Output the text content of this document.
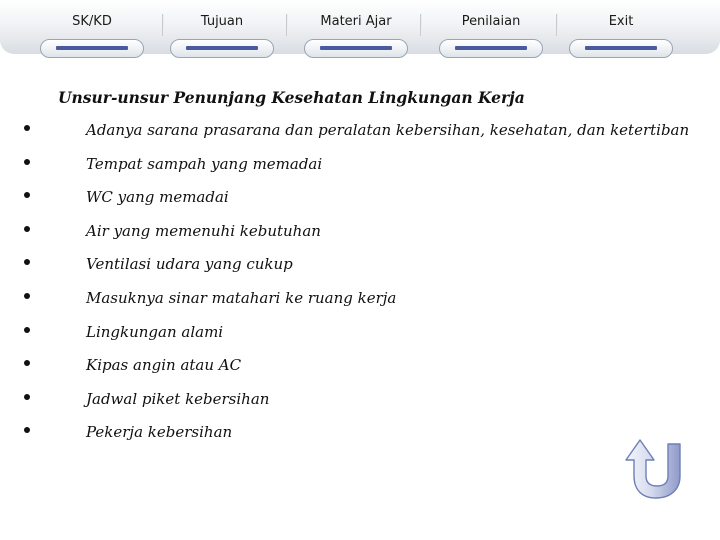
SK/KD	Tujuan	Materi Ajar	Penilaian	Exit
Unsur-unsur Penunjang Kesehatan Lingkungan Kerja
Adanya sarana prasarana dan peralatan kebersihan, kesehatan, dan ketertiban
Tempat sampah yang memadai
WC yang memadai
Air yang memenuhi kebutuhan
Ventilasi udara yang cukup
Masuknya sinar matahari ke ruang kerja
Lingkungan alami
Kipas angin atau AC
Jadwal piket kebersihan
Pekerja kebersihan
